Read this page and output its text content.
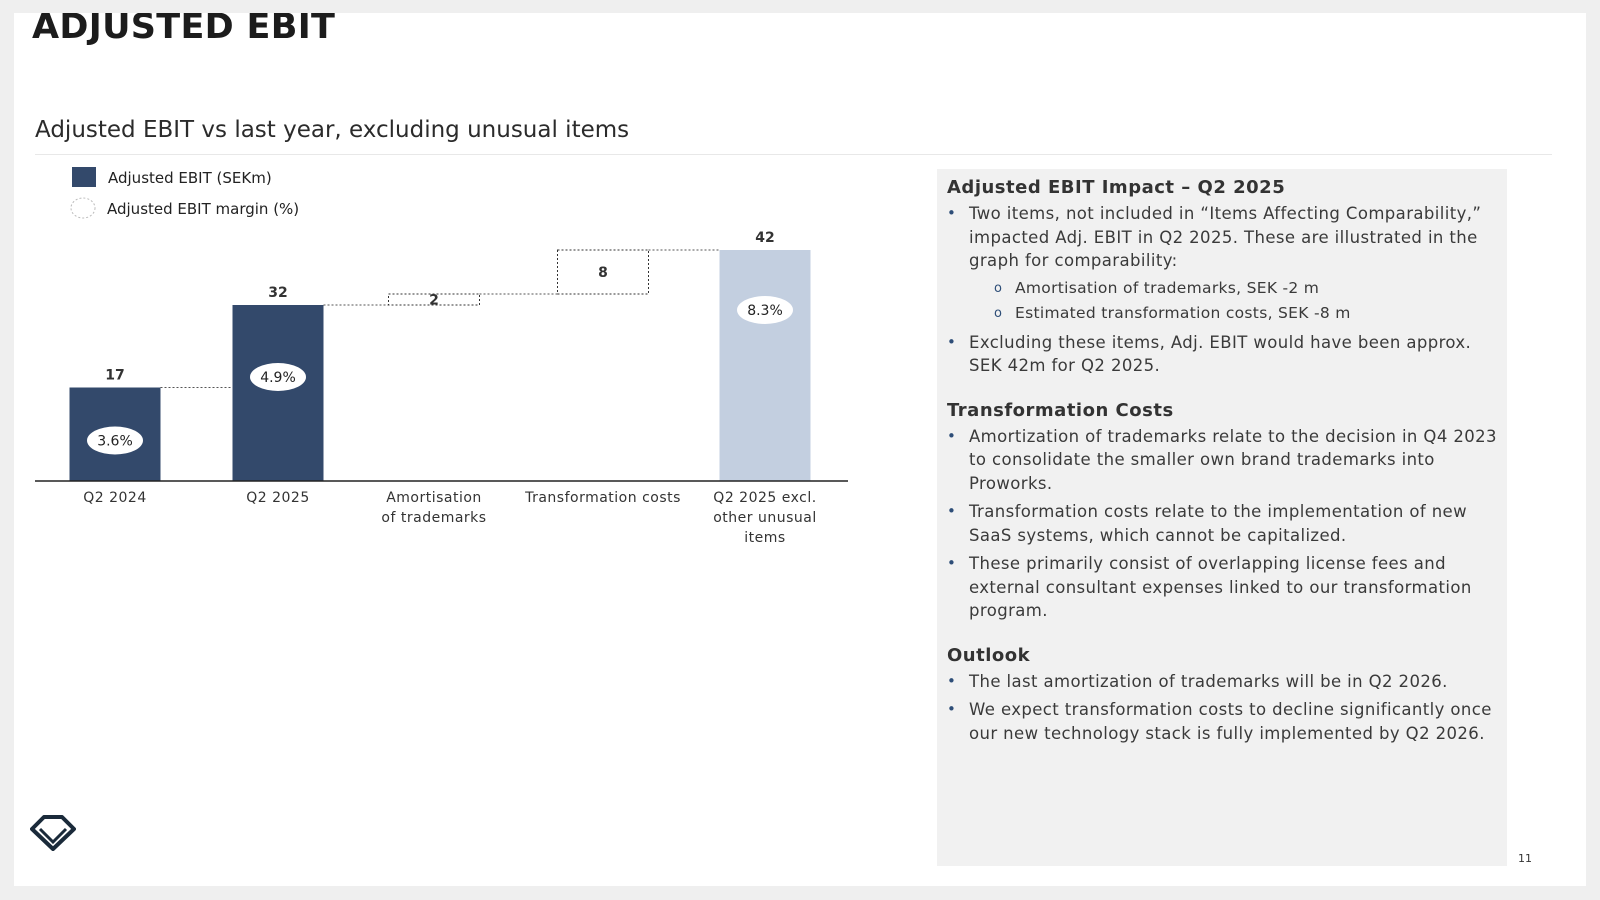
ADJUSTED EBIT
Adjusted EBIT vs last year, excluding unusual items
Adjusted EBIT (SEKm)
Adjusted EBIT margin (%)
17
3.6%
Q2 2024
32
4.9%
Q2 2025
2
Amortisation of trademarks
8
Transformation costs
42
8.3%
Q2 2025 excl. other unusual items
Adjusted EBIT Impact – Q2 2025
• Two items, not included in “Items Affecting Comparability,” impacted Adj. EBIT in Q2 2025. These are illustrated in the graph for comparability:
o Amortisation of trademarks, SEK -2 m
o Estimated transformation costs, SEK -8 m
• Excluding these items, Adj. EBIT would have been approx. SEK 42m for Q2 2025.
Transformation Costs
• Amortization of trademarks relate to the decision in Q4 2023 to consolidate the smaller own brand trademarks into Proworks.
• Transformation costs relate to the implementation of new SaaS systems, which cannot be capitalized.
• These primarily consist of overlapping license fees and external consultant expenses linked to our transformation program.
Outlook
• The last amortization of trademarks will be in Q2 2026.
• We expect transformation costs to decline significantly once our new technology stack is fully implemented by Q2 2026.
11
